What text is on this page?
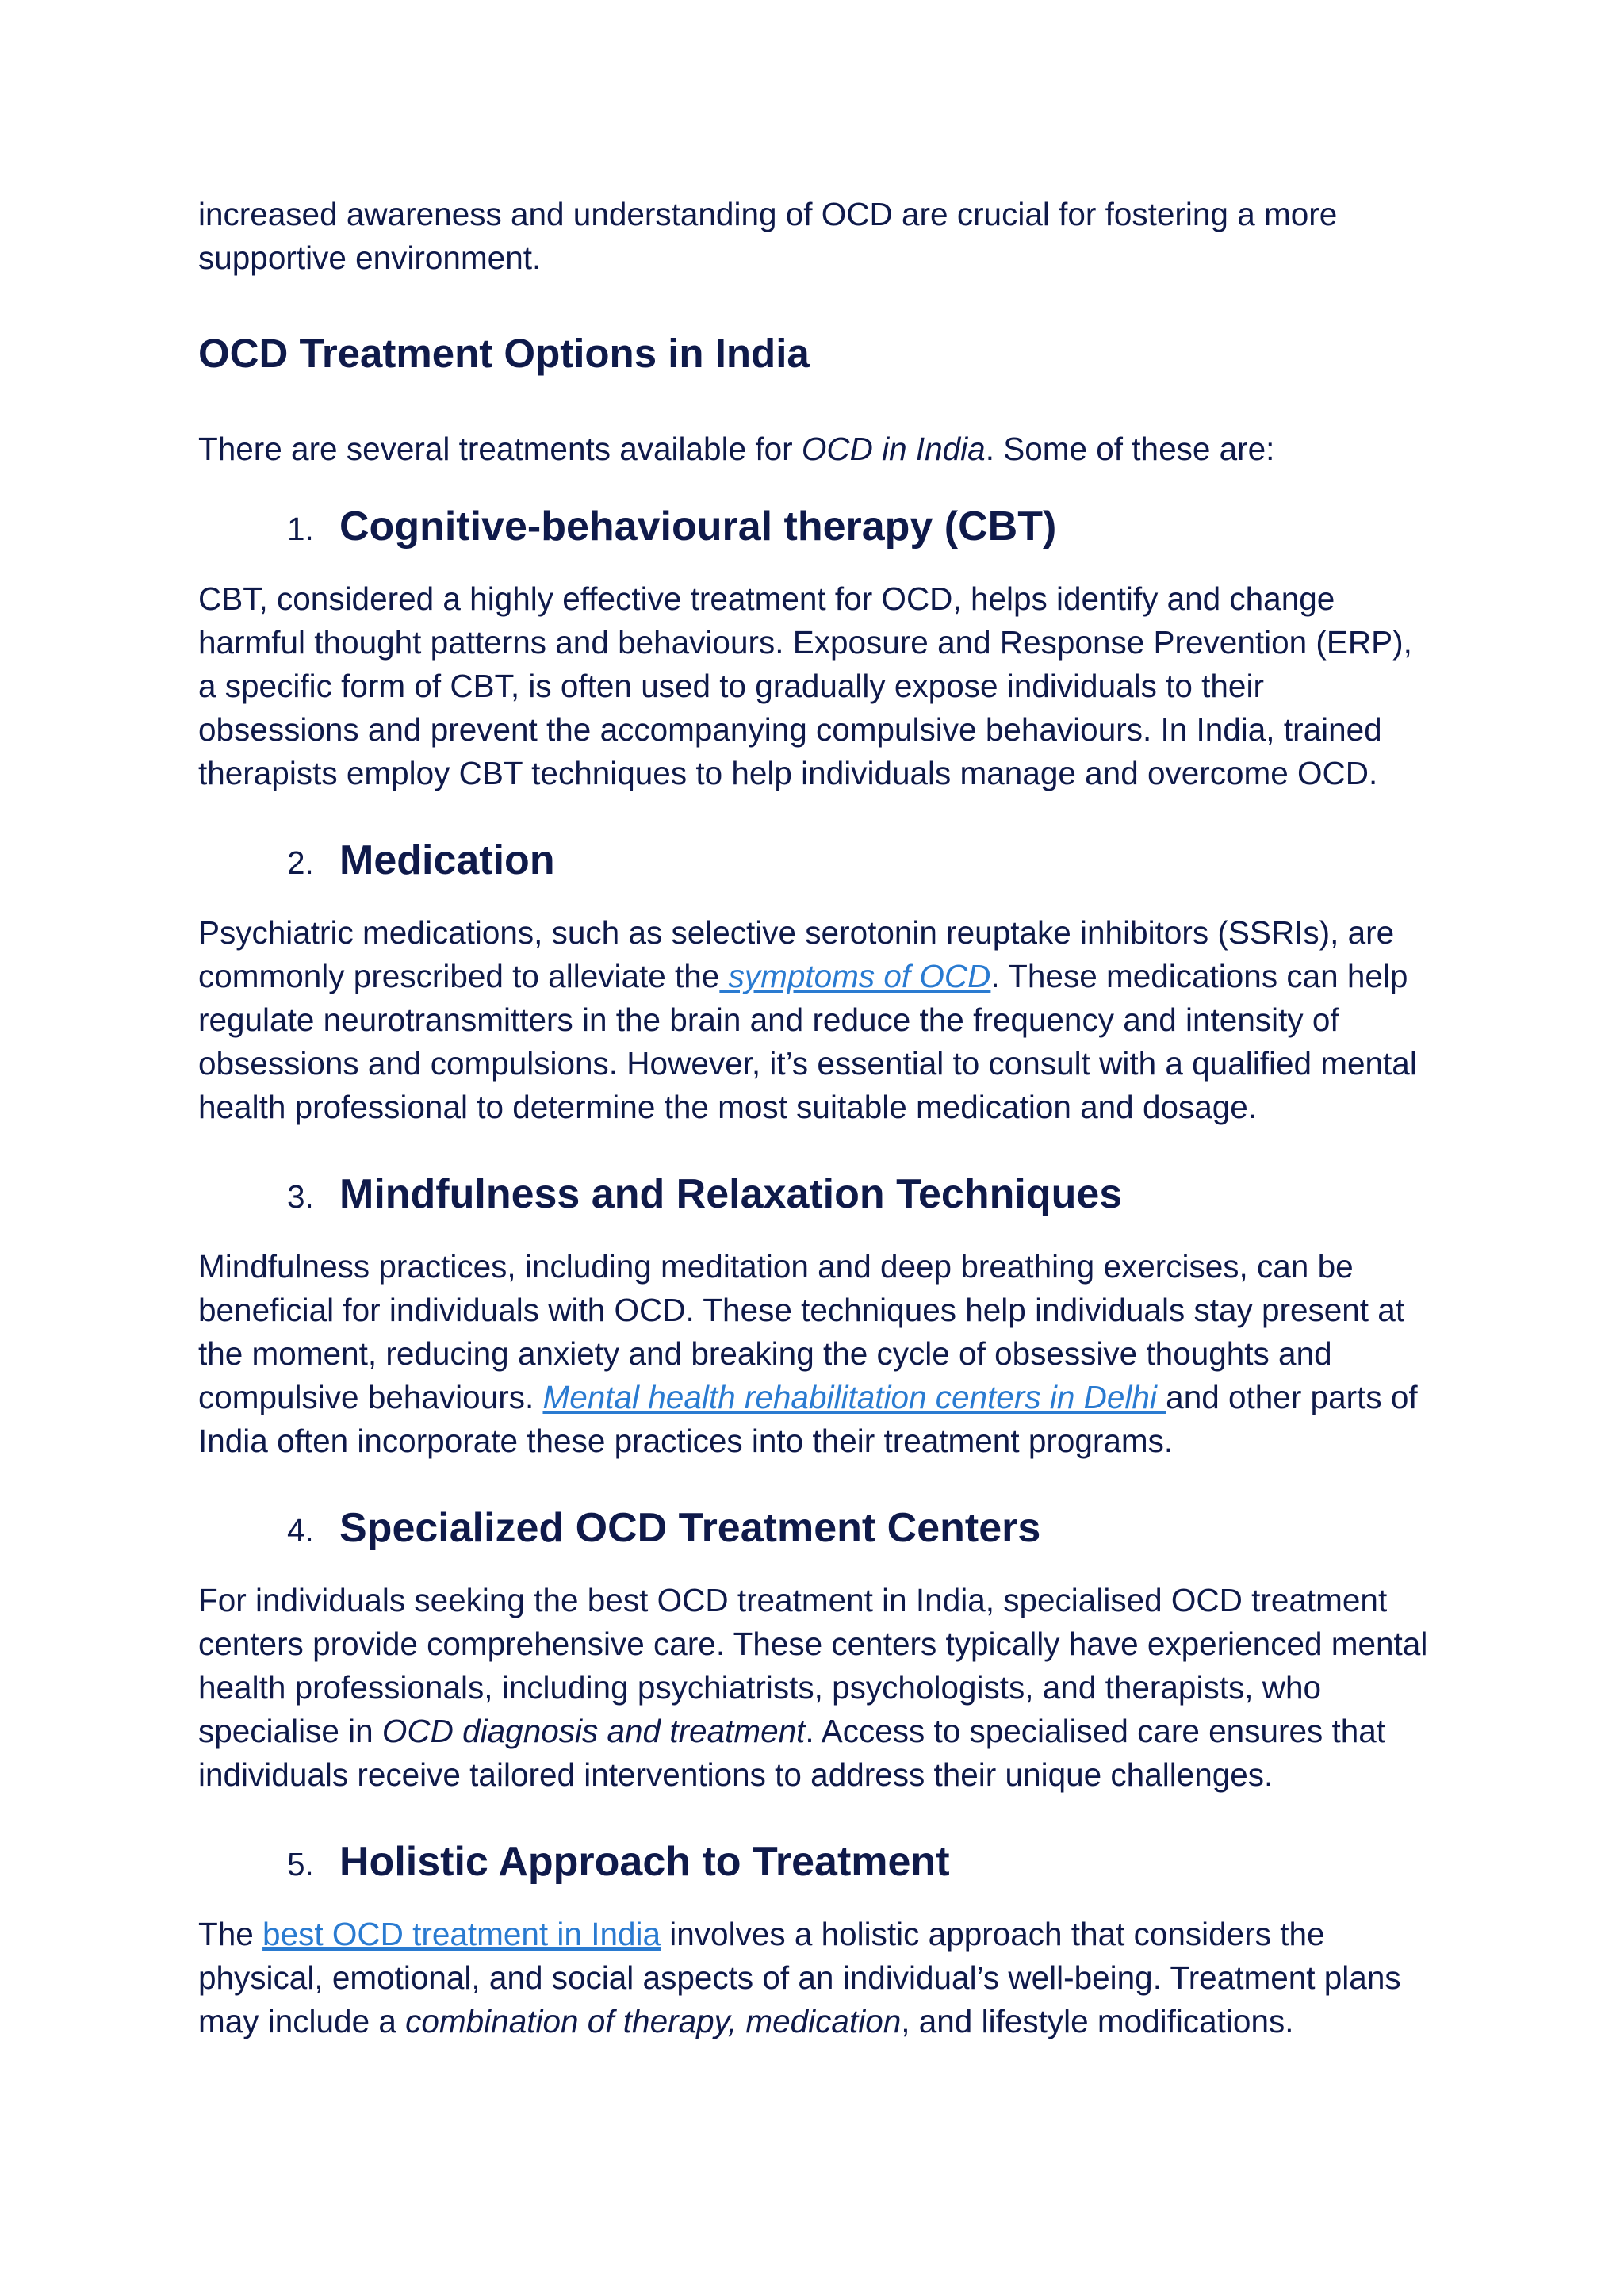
increased awareness and understanding of OCD are crucial for fostering a more supportive environment.

OCD Treatment Options in India

There are several treatments available for OCD in India. Some of these are:

1. Cognitive-behavioural therapy (CBT)

CBT, considered a highly effective treatment for OCD, helps identify and change harmful thought patterns and behaviours. Exposure and Response Prevention (ERP), a specific form of CBT, is often used to gradually expose individuals to their obsessions and prevent the accompanying compulsive behaviours. In India, trained therapists employ CBT techniques to help individuals manage and overcome OCD.

2. Medication

Psychiatric medications, such as selective serotonin reuptake inhibitors (SSRIs), are commonly prescribed to alleviate the symptoms of OCD. These medications can help regulate neurotransmitters in the brain and reduce the frequency and intensity of obsessions and compulsions. However, it’s essential to consult with a qualified mental health professional to determine the most suitable medication and dosage.

3. Mindfulness and Relaxation Techniques

Mindfulness practices, including meditation and deep breathing exercises, can be beneficial for individuals with OCD. These techniques help individuals stay present at the moment, reducing anxiety and breaking the cycle of obsessive thoughts and compulsive behaviours. Mental health rehabilitation centers in Delhi and other parts of India often incorporate these practices into their treatment programs.

4. Specialized OCD Treatment Centers

For individuals seeking the best OCD treatment in India, specialised OCD treatment centers provide comprehensive care. These centers typically have experienced mental health professionals, including psychiatrists, psychologists, and therapists, who specialise in OCD diagnosis and treatment. Access to specialised care ensures that individuals receive tailored interventions to address their unique challenges.

5. Holistic Approach to Treatment

The best OCD treatment in India involves a holistic approach that considers the physical, emotional, and social aspects of an individual’s well-being. Treatment plans may include a combination of therapy, medication, and lifestyle modifications.
